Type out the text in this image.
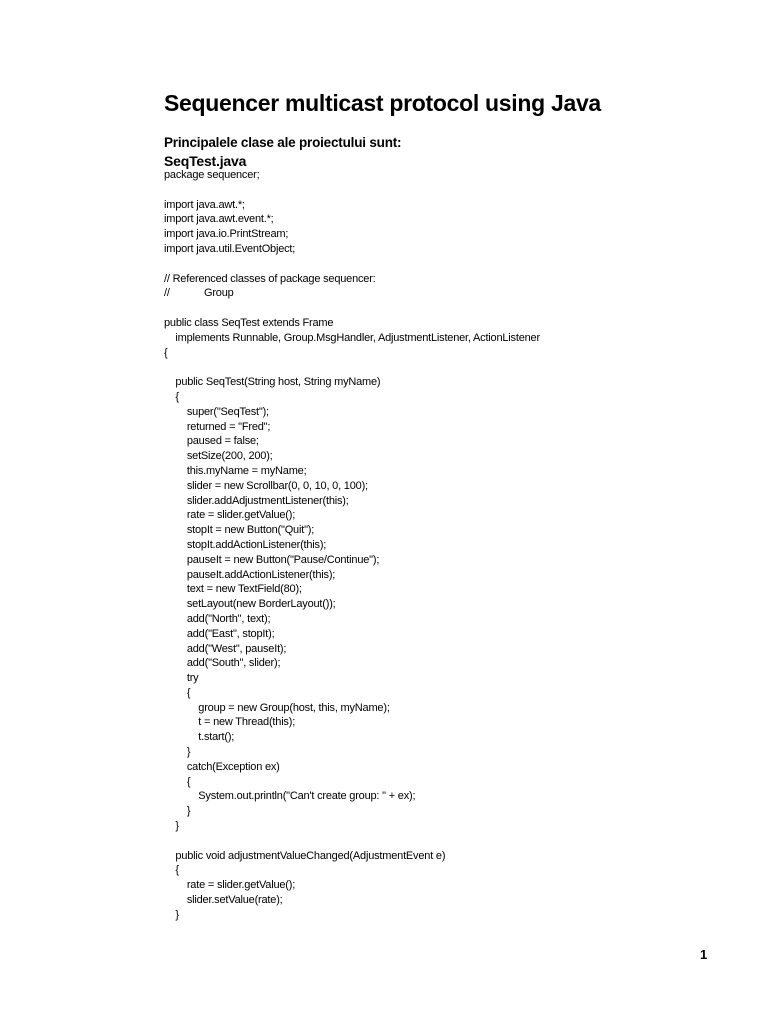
Sequencer multicast protocol using Java
Principalele clase ale proiectului sunt:
SeqTest.java
package sequencer;
import java.awt.*;
import java.awt.event.*;
import java.io.PrintStream;
import java.util.EventObject;
// Referenced classes of package sequencer:
//            Group
public class SeqTest extends Frame
implements Runnable, Group.MsgHandler, AdjustmentListener, ActionListener
{
public SeqTest(String host, String myName)
{
super("SeqTest");
returned = "Fred";
paused = false;
setSize(200, 200);
this.myName = myName;
slider = new Scrollbar(0, 0, 10, 0, 100);
slider.addAdjustmentListener(this);
rate = slider.getValue();
stopIt = new Button("Quit");
stopIt.addActionListener(this);
pauseIt = new Button("Pause/Continue");
pauseIt.addActionListener(this);
text = new TextField(80);
setLayout(new BorderLayout());
add("North", text);
add("East", stopIt);
add("West", pauseIt);
add("South", slider);
try
{
group = new Group(host, this, myName);
t = new Thread(this);
t.start();
}
catch(Exception ex)
{
System.out.println("Can't create group: " + ex);
}
}
public void adjustmentValueChanged(AdjustmentEvent e)
{
rate = slider.getValue();
slider.setValue(rate);
}
1
